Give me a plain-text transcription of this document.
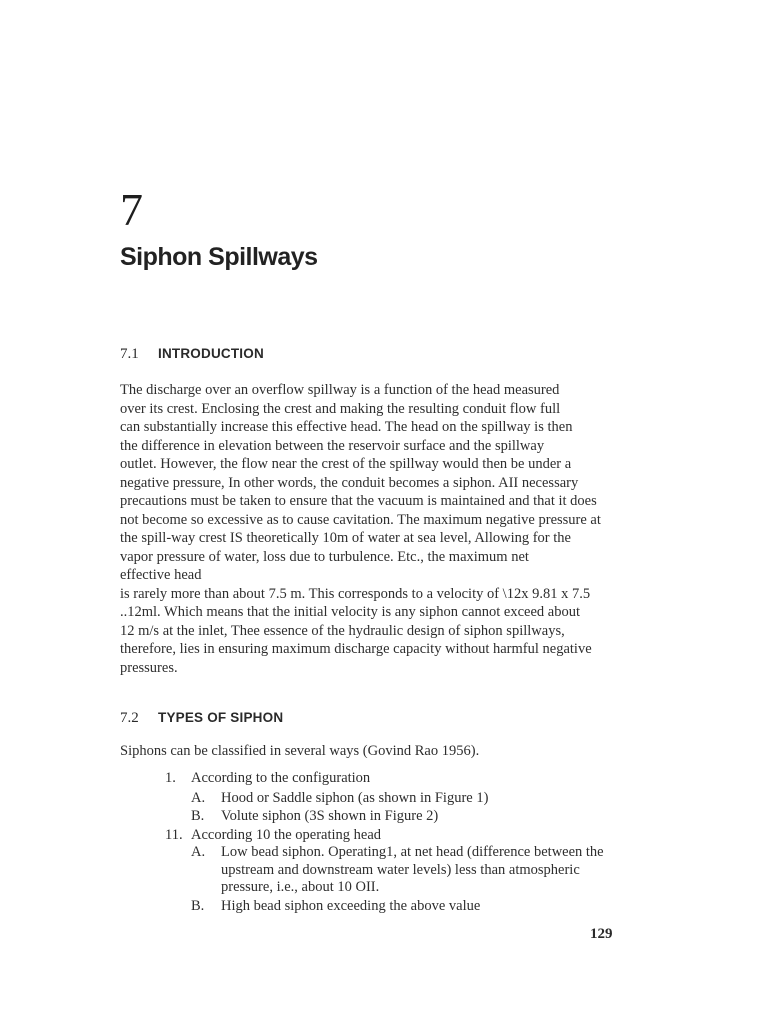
7
Siphon Spillways
7.1 INTRODUCTION
The discharge over an overflow spillway is a function of the head measured
over its crest. Enclosing the crest and making the resulting conduit flow full
can substantially increase this effective head. The head on the spillway is then
the difference in elevation between the reservoir surface and the spillway
outlet. However, the flow near the crest of the spillway would then be under a
negative pressure, In other words, the conduit becomes a siphon. AII necessary
precautions must be taken to ensure that the vacuum is maintained and that it does
not become so excessive as to cause cavitation. The maximum negative pressure at
the spill-way crest IS theoretically 10m of water at sea level, Allowing for the
vapor pressure of water, loss due to turbulence. Etc., the maximum net
effective head
is rarely more than about 7.5 m. This corresponds to a velocity of \12x 9.81 x 7.5
..12ml. Which means that the initial velocity is any siphon cannot exceed about
12 m/s at the inlet, Thee essence of the hydraulic design of siphon spillways,
therefore, lies in ensuring maximum discharge capacity without harmful negative
pressures.
7.2 TYPES OF SIPHON
Siphons can be classified in several ways (Govind Rao 1956).
1. According to the configuration
A. Hood or Saddle siphon (as shown in Figure 1)
B. Volute siphon (3S shown in Figure 2)
11. According 10 the operating head
A. Low bead siphon. Operating1, at net head (difference between the
upstream and downstream water levels) less than atmospheric
pressure, i.e., about 10 OII.
B. High bead siphon exceeding the above value
129
